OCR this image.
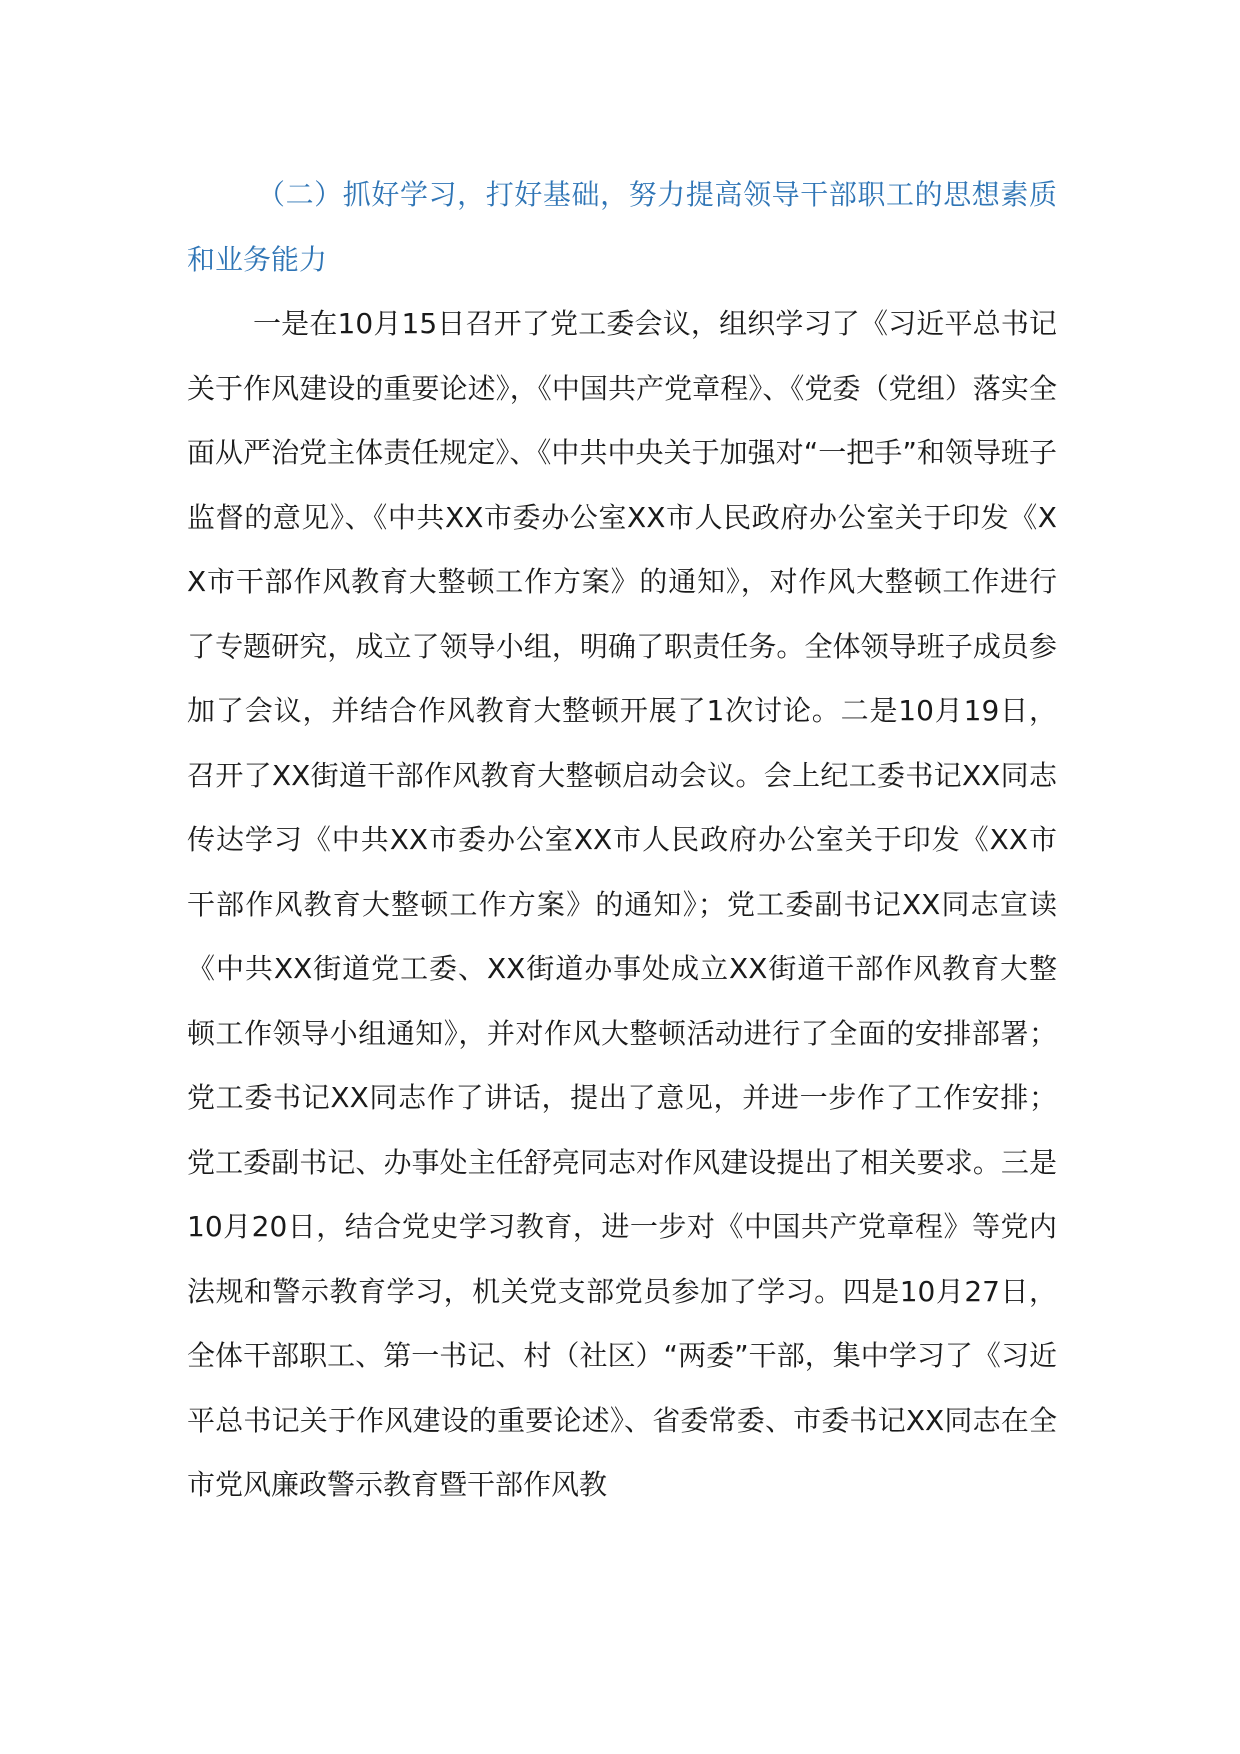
（二）抓好学习，打好基础，努力提高领导干部职工的思想素质和业务能力

一是在10月15日召开了党工委会议，组织学习了《习近平总书记关于作风建设的重要论述》，《中国共产党章程》、《党委（党组）落实全面从严治党主体责任规定》、《中共中央关于加强对“一把手”和领导班子监督的意见》、《中共XX市委办公室XX市人民政府办公室关于印发《XX市干部作风教育大整顿工作方案》的通知》，对作风大整顿工作进行了专题研究，成立了领导小组，明确了职责任务。全体领导班子成员参加了会议，并结合作风教育大整顿开展了1次讨论。二是10月19日，召开了XX街道干部作风教育大整顿启动会议。会上纪工委书记XX同志传达学习《中共XX市委办公室XX市人民政府办公室关于印发《XX市干部作风教育大整顿工作方案》的通知》；党工委副书记XX同志宣读《中共XX街道党工委、XX街道办事处成立XX街道干部作风教育大整顿工作领导小组通知》，并对作风大整顿活动进行了全面的安排部署；党工委书记XX同志作了讲话，提出了意见，并进一步作了工作安排；党工委副书记、办事处主任舒亮同志对作风建设提出了相关要求。三是10月20日，结合党史学习教育，进一步对《中国共产党章程》等党内法规和警示教育学习，机关党支部党员参加了学习。四是10月27日，全体干部职工、第一书记、村（社区）“两委”干部，集中学习了《习近平总书记关于作风建设的重要论述》、省委常委、市委书记XX同志在全市党风廉政警示教育暨干部作风教
